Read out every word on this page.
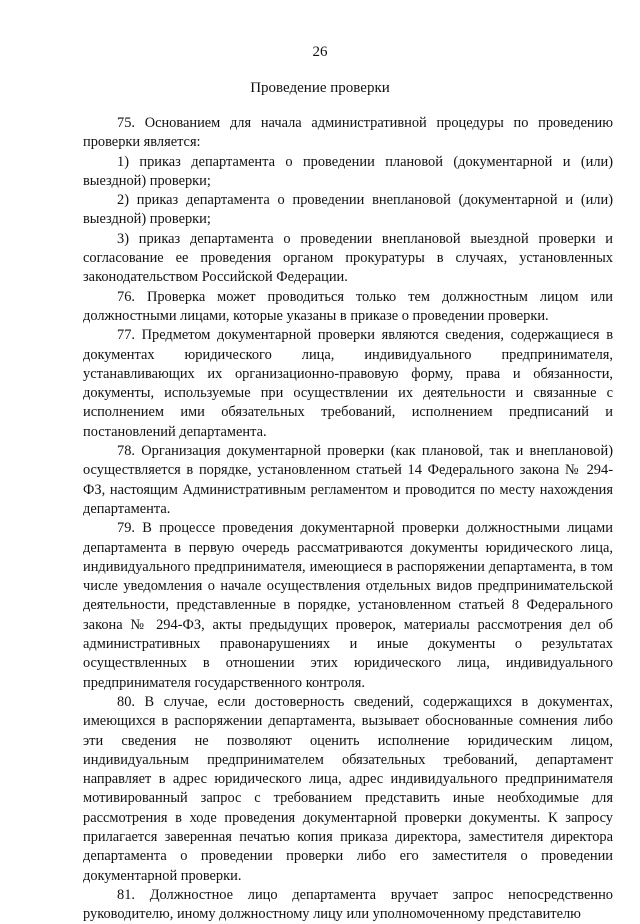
26
Проведение проверки

75. Основанием для начала административной процедуры по проведению проверки является:

1) приказ департамента о проведении плановой (документарной и (или) выездной) проверки;

2) приказ департамента о проведении внеплановой (документарной и (или) выездной) проверки;

3) приказ департамента о проведении внеплановой выездной проверки и согласование ее проведения органом прокуратуры в случаях, установленных законодательством Российской Федерации.

76. Проверка может проводиться только тем должностным лицом или должностными лицами, которые указаны в приказе о проведении проверки.

77. Предметом документарной проверки являются сведения, содержащиеся в документах юридического лица, индивидуального предпринимателя, устанавливающих их организационно-правовую форму, права и обязанности, документы, используемые при осуществлении их деятельности и связанные с исполнением ими обязательных требований, исполнением предписаний и постановлений департамента.

78. Организация документарной проверки (как плановой, так и внеплановой) осуществляется в порядке, установленном статьей 14 Федерального закона № 294-ФЗ, настоящим Административным регламентом и проводится по месту нахождения департамента.

79. В процессе проведения документарной проверки должностными лицами департамента в первую очередь рассматриваются документы юридического лица, индивидуального предпринимателя, имеющиеся в распоряжении департамента, в том числе уведомления о начале осуществления отдельных видов предпринимательской деятельности, представленные в порядке, установленном статьей 8 Федерального закона № 294-ФЗ, акты предыдущих проверок, материалы рассмотрения дел об административных правонарушениях и иные документы о результатах осуществленных в отношении этих юридического лица, индивидуального предпринимателя государственного контроля.

80. В случае, если достоверность сведений, содержащихся в документах, имеющихся в распоряжении департамента, вызывает обоснованные сомнения либо эти сведения не позволяют оценить исполнение юридическим лицом, индивидуальным предпринимателем обязательных требований, департамент направляет в адрес юридического лица, адрес индивидуального предпринимателя мотивированный запрос с требованием представить иные необходимые для рассмотрения в ходе проведения документарной проверки документы. К запросу прилагается заверенная печатью копия приказа директора, заместителя директора департамента о проведении проверки либо его заместителя о проведении документарной проверки.

81. Должностное лицо департамента вручает запрос непосредственно руководителю, иному должностному лицу или уполномоченному представителю
